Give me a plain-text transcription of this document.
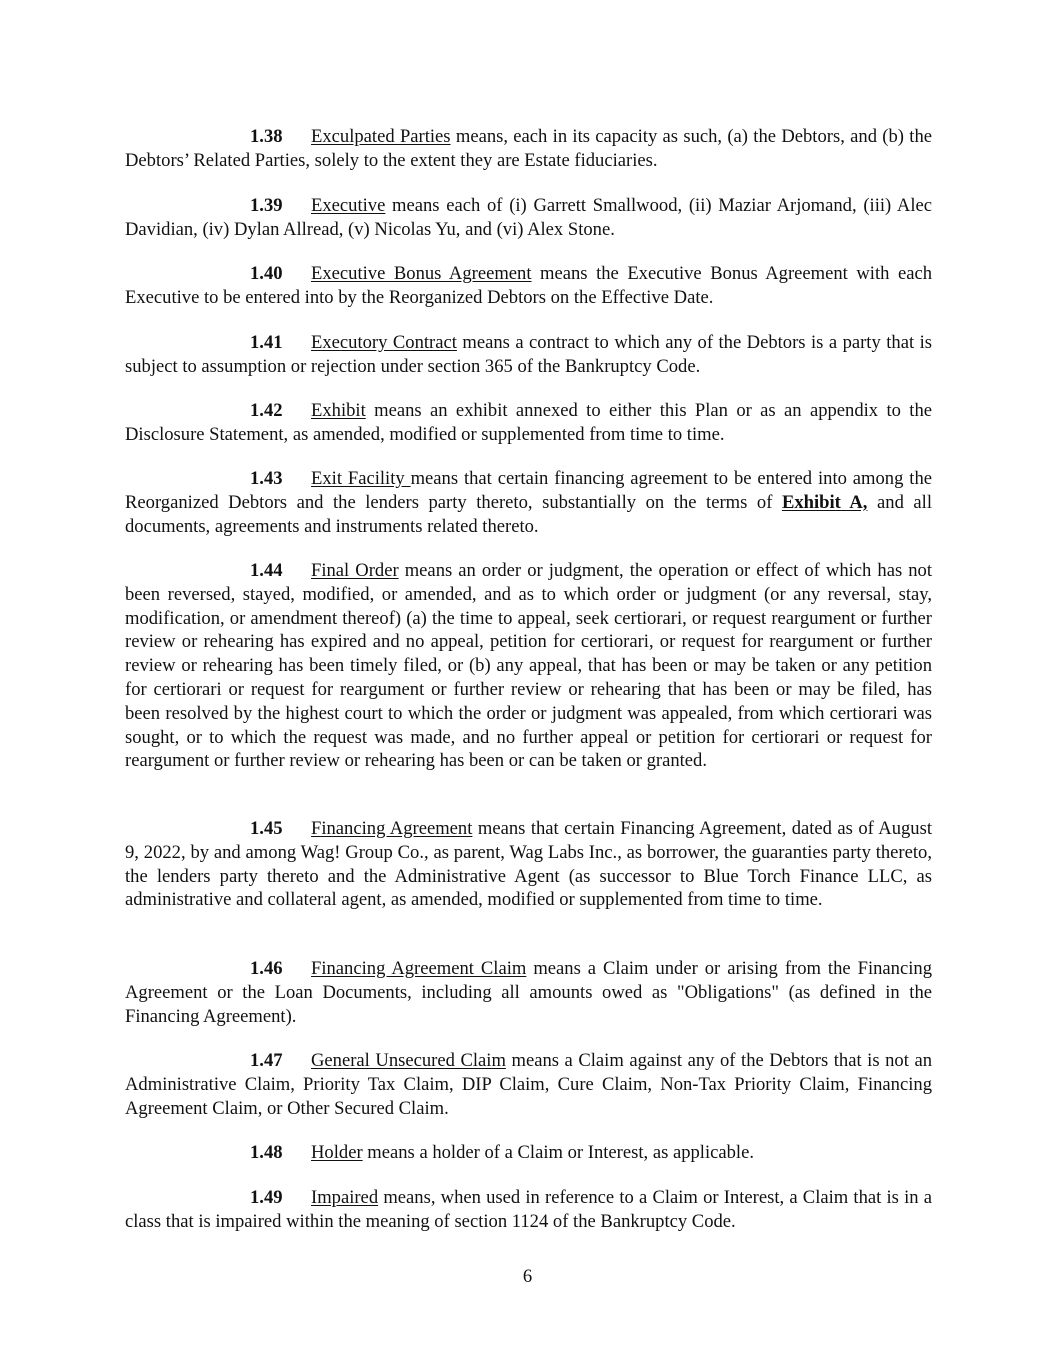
1.38 Exculpated Parties means, each in its capacity as such, (a) the Debtors, and (b) the Debtors’ Related Parties, solely to the extent they are Estate fiduciaries.

1.39 Executive means each of (i) Garrett Smallwood, (ii) Maziar Arjomand, (iii) Alec Davidian, (iv) Dylan Allread, (v) Nicolas Yu, and (vi) Alex Stone.

1.40 Executive Bonus Agreement means the Executive Bonus Agreement with each Executive to be entered into by the Reorganized Debtors on the Effective Date.

1.41 Executory Contract means a contract to which any of the Debtors is a party that is subject to assumption or rejection under section 365 of the Bankruptcy Code.

1.42 Exhibit means an exhibit annexed to either this Plan or as an appendix to the Disclosure Statement, as amended, modified or supplemented from time to time.

1.43 Exit Facility means that certain financing agreement to be entered into among the Reorganized Debtors and the lenders party thereto, substantially on the terms of Exhibit A, and all documents, agreements and instruments related thereto.

1.44 Final Order means an order or judgment, the operation or effect of which has not been reversed, stayed, modified, or amended, and as to which order or judgment (or any reversal, stay, modification, or amendment thereof) (a) the time to appeal, seek certiorari, or request reargument or further review or rehearing has expired and no appeal, petition for certiorari, or request for reargument or further review or rehearing has been timely filed, or (b) any appeal, that has been or may be taken or any petition for certiorari or request for reargument or further review or rehearing that has been or may be filed, has been resolved by the highest court to which the order or judgment was appealed, from which certiorari was sought, or to which the request was made, and no further appeal or petition for certiorari or request for reargument or further review or rehearing has been or can be taken or granted.

1.45 Financing Agreement means that certain Financing Agreement, dated as of August 9, 2022, by and among Wag! Group Co., as parent, Wag Labs Inc., as borrower, the guaranties party thereto, the lenders party thereto and the Administrative Agent (as successor to Blue Torch Finance LLC, as administrative and collateral agent, as amended, modified or supplemented from time to time.

1.46 Financing Agreement Claim means a Claim under or arising from the Financing Agreement or the Loan Documents, including all amounts owed as "Obligations" (as defined in the Financing Agreement).

1.47 General Unsecured Claim means a Claim against any of the Debtors that is not an Administrative Claim, Priority Tax Claim, DIP Claim, Cure Claim, Non-Tax Priority Claim, Financing Agreement Claim, or Other Secured Claim.

1.48 Holder means a holder of a Claim or Interest, as applicable.

1.49 Impaired means, when used in reference to a Claim or Interest, a Claim that is in a class that is impaired within the meaning of section 1124 of the Bankruptcy Code.

6
